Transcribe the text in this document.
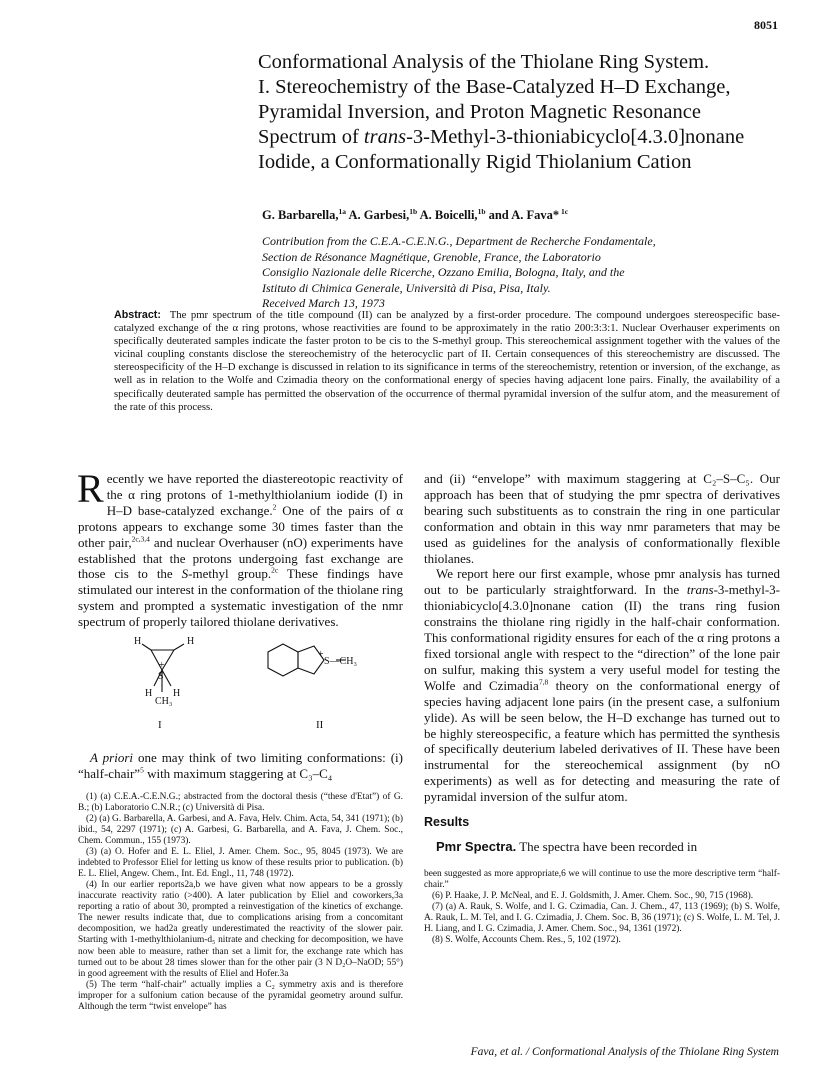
8051
Conformational Analysis of the Thiolane Ring System.
I. Stereochemistry of the Base-Catalyzed H–D Exchange,
Pyramidal Inversion, and Proton Magnetic Resonance
Spectrum of trans-3-Methyl-3-thioniabicyclo[4.3.0]nonane
Iodide, a Conformationally Rigid Thiolanium Cation
G. Barbarella,$^{1a}$ A. Garbesi,$^{1b}$ A. Boicelli,$^{1b}$ and A. Fava* $^{1c}$
Contribution from the C.E.A.-C.E.N.G., Department de Recherche Fondamentale,
Section de Résonance Magnétique, Grenoble, France, the Laboratorio
Consiglio Nazionale delle Ricerche, Ozzano Emilia, Bologna, Italy, and the
Istituto di Chimica Generale, Università di Pisa, Pisa, Italy.
Received March 13, 1973
Abstract: The pmr spectrum of the title compound (II) can be analyzed by a first-order procedure. The compound undergoes stereospecific base-catalyzed exchange of the α ring protons, whose reactivities are found to be approximately in the ratio 200:3:3:1. Nuclear Overhauser experiments on specifically deuterated samples indicate the faster proton to be cis to the S-methyl group. This stereochemical assignment together with the values of the vicinal coupling constants disclose the stereochemistry of the heterocyclic part of II. Certain consequences of this stereochemistry are discussed. The stereospecificity of the H–D exchange is discussed in relation to its significance in terms of the stereochemistry, retention or inversion, of the exchange, as well as in relation to the Wolfe and Czimadia theory on the conformational energy of species having adjacent lone pairs. Finally, the availability of a specifically deuterated sample has permitted the observation of the occurrence of thermal pyramidal inversion of the sulfur atom, and the measurement of the rate of this process.

Recently we have reported the diastereotopic reactivity of the α ring protons of 1-methylthiolanium iodide (I) in H–D base-catalyzed exchange.$^2$ One of the pairs of α protons appears to exchange some 30 times faster than the other pair,$^{2c,3,4}$ and nuclear Overhauser (nO) experiments have established that the protons undergoing fast exchange are those cis to the S-methyl group.$^{2c}$ These findings have stimulated our interest in the conformation of the thiolane ring system and prompted a systematic investigation of the nmr spectrum of properly tailored thiolane derivatives.

H	H
+
S
H H
CH₃
+
S—CH₃
I	II

A priori one may think of two limiting conformations: (i) “half-chair”$^5$ with maximum staggering at C₃–C₄

(1) (a) C.E.A.-C.E.N.G.; abstracted from the doctoral thesis (“these d'Etat”) of G. B.; (b) Laboratorio C.N.R.; (c) Università di Pisa.

(2) (a) G. Barbarella, A. Garbesi, and A. Fava, Helv. Chim. Acta, 54, 341 (1971); (b) ibid., 54, 2297 (1971); (c) A. Garbesi, G. Barbarella, and A. Fava, J. Chem. Soc., Chem. Commun., 155 (1973).

(3) (a) O. Hofer and E. L. Eliel, J. Amer. Chem. Soc., 95, 8045 (1973). We are indebted to Professor Eliel for letting us know of these results prior to publication. (b) E. L. Eliel, Angew. Chem., Int. Ed. Engl., 11, 748 (1972).

(4) In our earlier reports2a,b we have given what now appears to be a grossly inaccurate reactivity ratio (>400). A later publication by Eliel and coworkers,3a reporting a ratio of about 30, prompted a reinvestigation of the kinetics of exchange. The newer results indicate that, due to complications arising from a concomitant decomposition, we had2a greatly underestimated the reactivity of the slower pair. Starting with 1-methylthiolanium-d₅ nitrate and checking for decomposition, we have now been able to measure, rather than set a limit for, the exchange rate which has turned out to be about 28 times slower than for the other pair (3 N D₂O–NaOD; 55°) in good agreement with the results of Eliel and Hofer.3a

(5) The term “half-chair” actually implies a C₂ symmetry axis and is therefore improper for a sulfonium cation because of the pyramidal geometry around sulfur. Although the term “twist envelope” has

and (ii) “envelope” with maximum staggering at C₂–S–C₅. Our approach has been that of studying the pmr spectra of derivatives bearing such substituents as to constrain the ring in one particular conformation and obtain in this way nmr parameters that may be used as guidelines for the analysis of conformationally flexible thiolanes.

We report here our first example, whose pmr analysis has turned out to be particularly straightforward. In the trans-3-methyl-3-thioniabicyclo[4.3.0]nonane cation (II) the trans ring fusion constrains the thiolane ring rigidly in the half-chair conformation. This conformational rigidity ensures for each of the α ring protons a fixed torsional angle with respect to the “direction” of the lone pair on sulfur, making this system a very useful model for testing the Wolfe and Czimadia$^{7,8}$ theory on the conformational energy of species having adjacent lone pairs (in the present case, a sulfonium ylide). As will be seen below, the H–D exchange has turned out to be highly stereospecific, a feature which has permitted the synthesis of specifically deuterium labeled derivatives of II. These have been instrumental for the stereochemical assignment (by nO experiments) as well as for detecting and measuring the rate of pyramidal inversion of the sulfur atom.

Results

Pmr Spectra. The spectra have been recorded in

been suggested as more appropriate,6 we will continue to use the more descriptive term “half-chair.”

(6) P. Haake, J. P. McNeal, and E. J. Goldsmith, J. Amer. Chem. Soc., 90, 715 (1968).

(7) (a) A. Rauk, S. Wolfe, and I. G. Czimadia, Can. J. Chem., 47, 113 (1969); (b) S. Wolfe, A. Rauk, L. M. Tel, and I. G. Czimadia, J. Chem. Soc. B, 36 (1971); (c) S. Wolfe, L. M. Tel, J. H. Liang, and I. G. Czimadia, J. Amer. Chem. Soc., 94, 1361 (1972).

(8) S. Wolfe, Accounts Chem. Res., 5, 102 (1972).

Fava, et al. / Conformational Analysis of the Thiolane Ring System
